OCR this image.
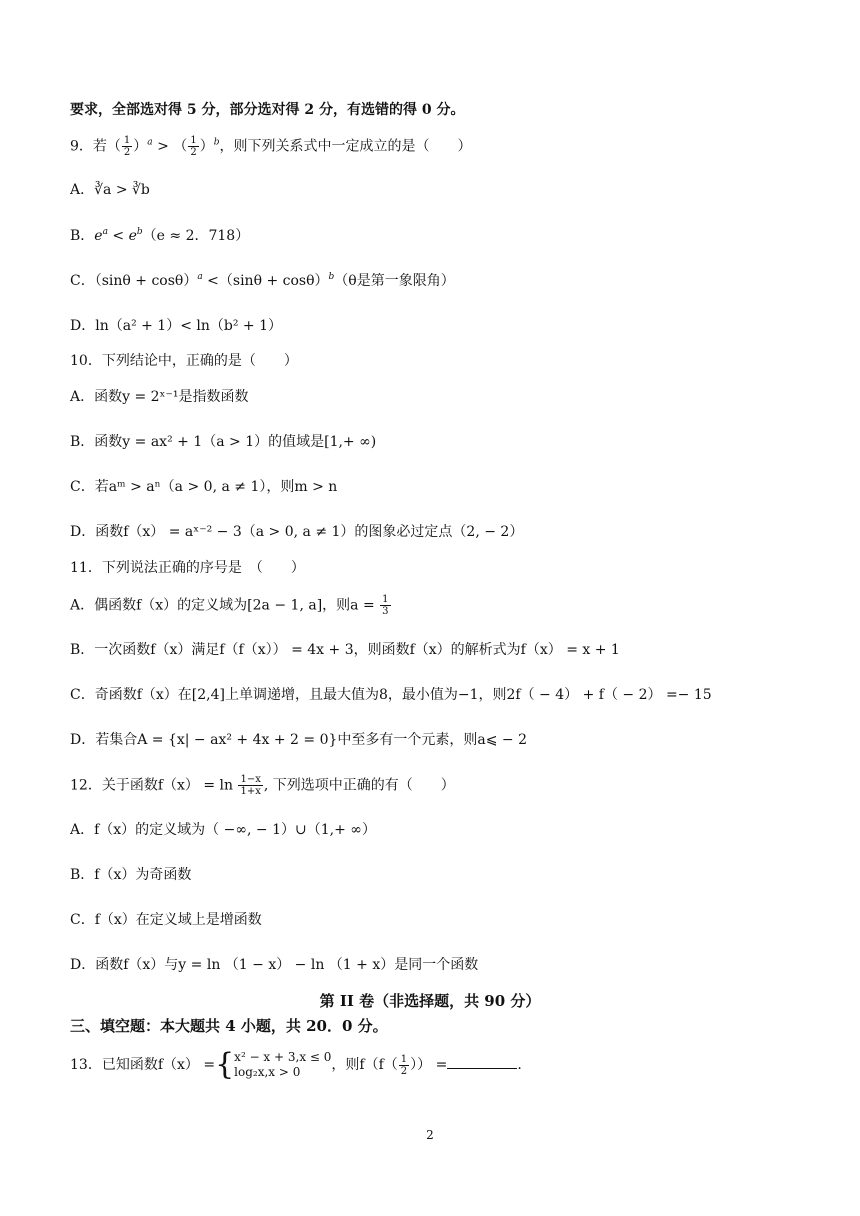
要求，全部选对得 5 分，部分选对得 2 分，有选错的得 0 分。
9．若（ $\frac{1}{2} )^a$ > （ $\frac{1}{2} )^b$，则下列关系式中一定成立的是（　　）
A．∛a > ∛b
B．$e^a < e^b(e \approx 2$．718）
C．$(\sin\theta + \cos\theta)^a <(\sin\theta + \cos\theta)^b(\theta$是第一象限角）
D．ln（a² + 1）< ln（b² + 1）
10．下列结论中，正确的是（　　）
A．函数y = 2ˣ⁻¹是指数函数
B．函数y = ax² + 1（a > 1）的值域是[1,+ ∞)
C．若aᵐ > aⁿ（a > 0, a ≠ 1），则m > n
D．函数f（x） = aˣ⁻² − 3（a > 0, a ≠ 1）的图象必过定点（2, − 2）
11．下列说法正确的序号是　（　　）
A．偶函数f（x）的定义域为[2a − 1, a]，则$a = \frac{1}{3}$
B．一次函数f（x）满足f（f（x）） = 4x + 3，则函数f（x）的解析式为f（x） = x + 1
C．奇函数f（x）在[2,4]上单调递增，且最大值为8，最小值为−1，则2f（ − 4） + f（ − 2） =− 15
D．若集合A = {x| − ax² + 4x + 2 = 0}中至多有一个元素，则a⩽ − 2
12．关于函数$f(x) = \ln \frac{1-x}{1+x}$ , 下列选项中正确的有（　　）
A．f（x）的定义域为（ −∞, − 1）∪（1,+ ∞）
B．f（x）为奇函数
C．f（x）在定义域上是增函数
D．函数f（x）与y = ln （1 − x） − ln （1 + x）是同一个函数
第 II 卷（非选择题，共 90 分）
三、填空题：本大题共 4 小题，共 20．0 分。
13．已知函数f（x） ={ x² − x + 3,x ≤ 0
log₂x,x > 0	，则$f(f( \frac{1}{2}$ ）） =	.
2
